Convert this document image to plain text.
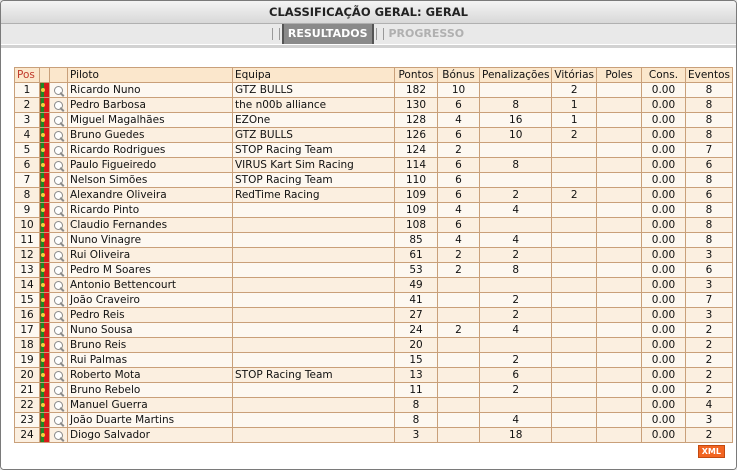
CLASSIFICAÇÃO GERAL: GERAL
RESULTADOS PROGRESSO
Pos			Piloto	Equipa	Pontos	Bónus	Penalizações	Vitórias	Poles	Cons.	Eventos
1			Ricardo Nuno	GTZ BULLS	182	10		2		0.00	8
2			Pedro Barbosa	the n00b alliance	130	6	8	1		0.00	8
3			Miguel Magalhães	EZOne	128	4	16	1		0.00	8
4			Bruno Guedes	GTZ BULLS	126	6	10	2		0.00	8
5			Ricardo Rodrigues	STOP Racing Team	124	2				0.00	7
6			Paulo Figueiredo	VIRUS Kart Sim Racing	114	6	8			0.00	6
7			Nelson Simões	STOP Racing Team	110	6				0.00	8
8			Alexandre Oliveira	RedTime Racing	109	6	2	2		0.00	6
9			Ricardo Pinto		109	4	4			0.00	8
10			Claudio Fernandes		108	6				0.00	8
11			Nuno Vinagre		85	4	4			0.00	8
12			Rui Oliveira		61	2	2			0.00	3
13			Pedro M Soares		53	2	8			0.00	6
14			Antonio Bettencourt		49					0.00	3
15			João Craveiro		41		2			0.00	7
16			Pedro Reis		27		2			0.00	3
17			Nuno Sousa		24	2	4			0.00	2
18			Bruno Reis		20					0.00	2
19			Rui Palmas		15		2			0.00	2
20			Roberto Mota	STOP Racing Team	13		6			0.00	2
21			Bruno Rebelo		11		2			0.00	2
22			Manuel Guerra		8					0.00	4
23			João Duarte Martins		8		4			0.00	3
24			Diogo Salvador		3		18			0.00	2
XML
